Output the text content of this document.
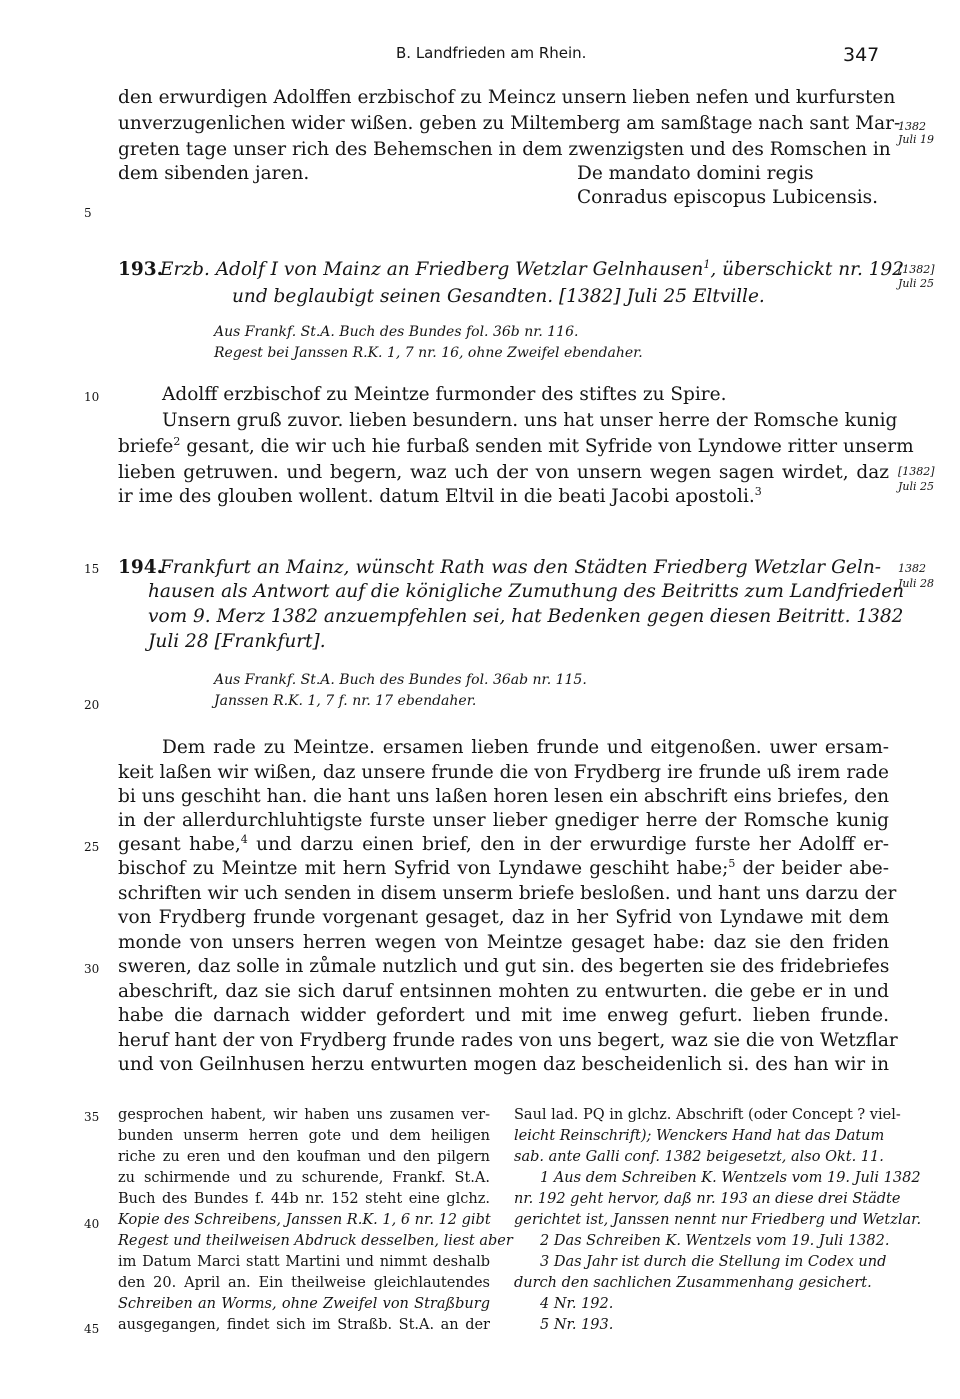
B. Landfrieden am Rhein.	347
den erwurdigen Adolffen erzbischof zu Meincz unsern lieben nefen und kurfursten
unverzugenlichen wider wißen. geben zu Miltemberg am samßtage nach sant Mar-
greten tage unser rich des Behemschen in dem zwenzigsten und des Romschen in
dem sibenden jaren.	De mandato domini regis
Conradus episcopus Lubicensis.
1382
Juli 19
193.
Erzb. Adolf I von Mainz an Friedberg Wetzlar Gelnhausen$^1$, überschickt nr. 192
und beglaubigt seinen Gesandten. [1382] Juli 25 Eltville.
[1382]
Juli 25
Aus Frankf. St.A. Buch des Bundes fol. 36b nr. 116.
Regest bei Janssen R.K. 1, 7 nr. 16, ohne Zweifel ebendaher.
Adolff erzbischof zu Meintze furmonder des stiftes zu Spire.
Unsern gruß zuvor. lieben besundern. uns hat unser herre der Romsche kunig
briefe$^2$ gesant, die wir uch hie furbaß senden mit Syfride von Lyndowe ritter unserm
lieben getruwen. und begern, waz uch der von unsern wegen sagen wirdet, daz
ir ime des glouben wollent. datum Eltvil in die beati Jacobi apostoli.$^3$
[1382]
Juli 25
194.
Frankfurt an Mainz, wünscht Rath was den Städten Friedberg Wetzlar Geln-
hausen als Antwort auf die königliche Zumuthung des Beitritts zum Landfrieden
vom 9. Merz 1382 anzuempfehlen sei, hat Bedenken gegen diesen Beitritt. 1382
Juli 28 [Frankfurt].
1382
Juli 28
Aus Frankf. St.A. Buch des Bundes fol. 36ab nr. 115.
Janssen R.K. 1, 7 f. nr. 17 ebendaher.
Dem rade zu Meintze. ersamen lieben frunde und eitgenoßen. uwer ersam-
keit laßen wir wißen, daz unsere frunde die von Frydberg ire frunde uß irem rade
bi uns geschiht han. die hant uns laßen horen lesen ein abschrift eins briefes, den
in der allerdurchluhtigste furste unser lieber gnediger herre der Romsche kunig
gesant habe,$^4$ und darzu einen brief, den in der erwurdige furste her Adolff er-
bischof zu Meintze mit hern Syfrid von Lyndawe geschiht habe;$^5$ der beider abe-
schriften wir uch senden in disem unserm briefe besloßen. und hant uns darzu der
von Frydberg frunde vorgenant gesaget, daz in her Syfrid von Lyndawe mit dem
monde von unsers herren wegen von Meintze gesaget habe: daz sie den friden
sweren, daz solle in zůmale nutzlich und gut sin. des begerten sie des fridebriefes
abeschrift, daz sie sich daruf entsinnen mohten zu entwurten. die gebe er in und
habe die darnach widder gefordert und mit ime enweg gefurt. lieben frunde.
heruf hant der von Frydberg frunde rades von uns begert, waz sie die von Wetzflar
und von Geilnhusen herzu entwurten mogen daz bescheidenlich si. des han wir in
5
10
15
20
25
30
35
40
45
gesprochen habent, wir haben uns zusamen ver-
bunden unserm herren gote und dem heiligen
riche zu eren und den koufman und den pilgern
zu schirmende und zu schurende, Frankf. St.A.
Buch des Bundes f. 44b nr. 152 steht eine glchz.
Kopie des Schreibens, Janssen R.K. 1, 6 nr. 12 gibt
Regest und theilweisen Abdruck desselben, liest aber
im Datum Marci statt Martini und nimmt deshalb
den 20. April an. Ein theilweise gleichlautendes
Schreiben an Worms, ohne Zweifel von Straßburg
ausgegangen, findet sich im Straßb. St.A. an der
Saul lad. PQ in glchz. Abschrift (oder Concept ? viel-
leicht Reinschrift); Wenckers Hand hat das Datum
sab. ante Galli conf. 1382 beigesetzt, also Okt. 11.
1 Aus dem Schreiben K. Wentzels vom 19. Juli 1382
nr. 192 geht hervor, daß nr. 193 an diese drei Städte
gerichtet ist, Janssen nennt nur Friedberg und Wetzlar.
2 Das Schreiben K. Wentzels vom 19. Juli 1382.
3 Das Jahr ist durch die Stellung im Codex und
durch den sachlichen Zusammenhang gesichert.
4 Nr. 192.
5 Nr. 193.
